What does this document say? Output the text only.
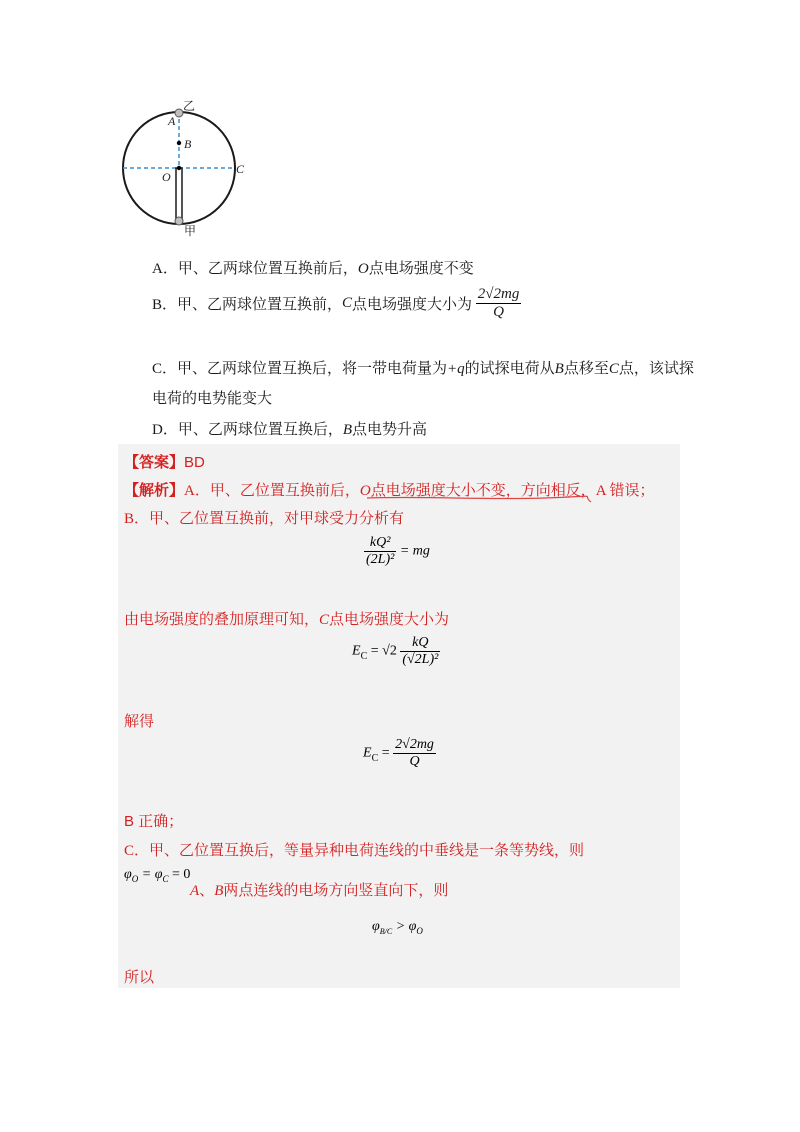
乙
A
B
O
C
甲
A．甲、乙两球位置互换前后，O点电场强度不变
B．甲、乙两球位置互换前，C点电场强度大小为 $\frac{2√2mg}{Q}$
C．甲、乙两球位置互换后，将一带电荷量为+q的试探电荷从B点移至C点，该试探
电荷的电势能变大
D．甲、乙两球位置互换后，B点电势升高
【答案】BD
【解析】A．甲、乙位置互换前后，O点电场强度大小不变，方向相反，A 错误；
B．甲、乙位置互换前，对甲球受力分析有
$\frac{\text{kQ²}}{\text{(2L)²}}$ = mg
由电场强度的叠加原理可知，C点电场强度大小为
$E_C = √2 \frac{kQ}{\text{(√2L)²}}$
解得
$E_C = \frac{2√2mg}{Q}$
B 正确；
C．甲、乙位置互换后，等量异种电荷连线的中垂线是一条等势线，则
$\varphi_O = \varphi_C = 0$
A、B两点连线的电场方向竖直向下，则
$\varphi_{B/C} > \varphi_O$
所以
